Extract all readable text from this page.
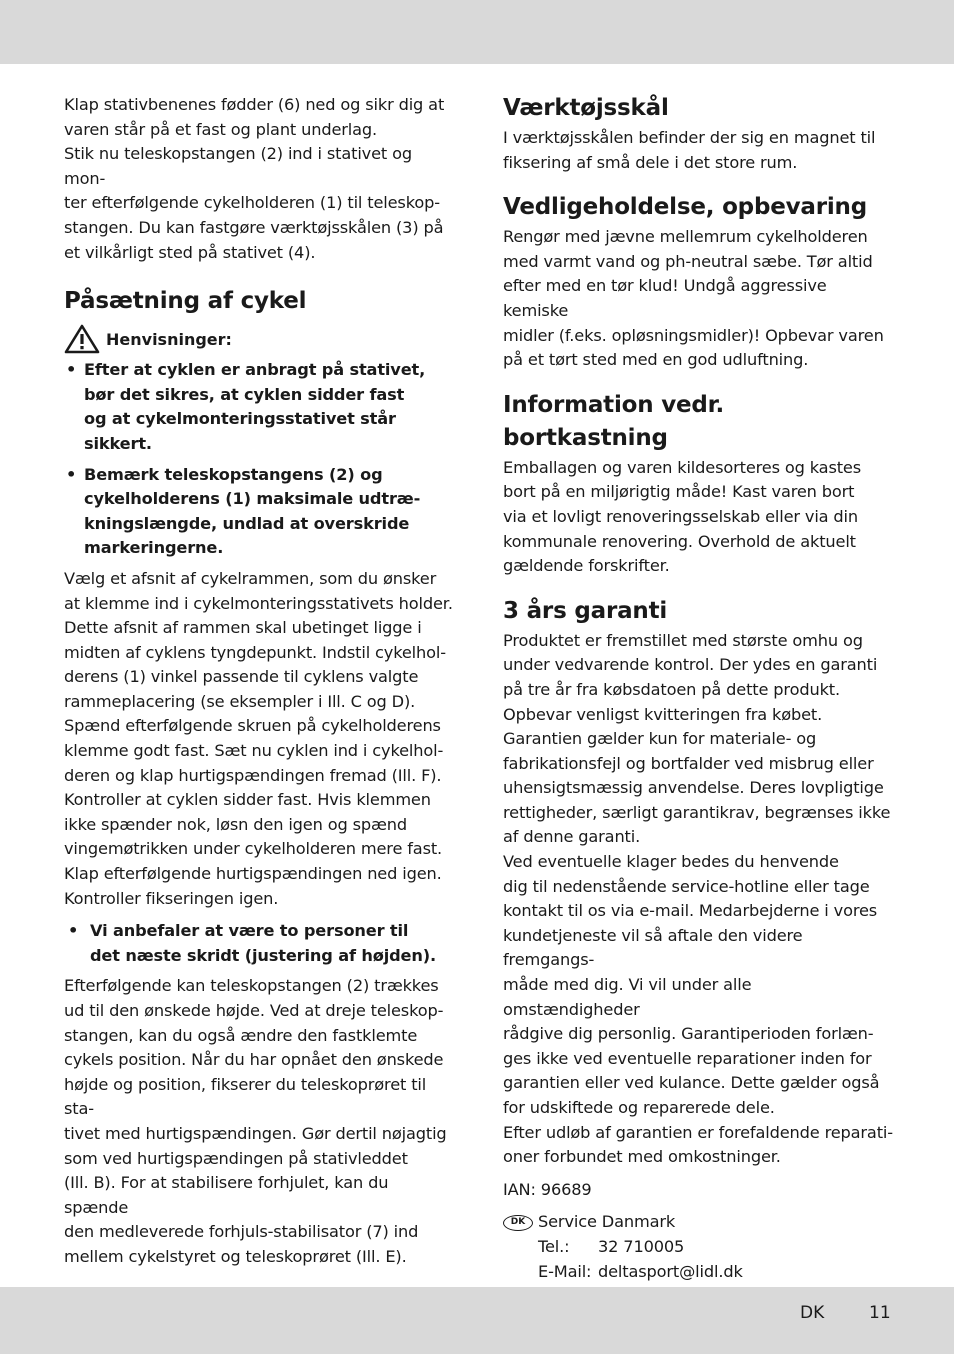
Klap stativbenenes fødder (6) ned og sikr dig at
varen står på et fast og plant underlag.
Stik nu teleskopstangen (2) ind i stativet og mon-
ter efterfølgende cykelholderen (1) til teleskop-
stangen. Du kan fastgøre værktøjsskålen (3) på
et vilkårligt sted på stativet (4).

Påsætning af cykel
Henvisninger:
• Efter at cyklen er anbragt på stativet,
bør det sikres, at cyklen sidder fast
og at cykelmonteringsstativet står
sikkert.
• Bemærk teleskopstangens (2) og
cykelholderens (1) maksimale udtræ-
kningslængde, undlad at overskride
markeringerne.

Vælg et afsnit af cykelrammen, som du ønsker
at klemme ind i cykelmonteringsstativets holder.
Dette afsnit af rammen skal ubetinget ligge i
midten af cyklens tyngdepunkt. Indstil cykelhol-
derens (1) vinkel passende til cyklens valgte
rammeplacering (se eksempler i Ill. C og D).
Spænd efterfølgende skruen på cykelholderens
klemme godt fast. Sæt nu cyklen ind i cykelhol-
deren og klap hurtigspændingen fremad (Ill. F).
Kontroller at cyklen sidder fast. Hvis klemmen
ikke spænder nok, løsn den igen og spænd
vingemøtrikken under cykelholderen mere fast.
Klap efterfølgende hurtigspændingen ned igen.
Kontroller fikseringen igen.

• Vi anbefaler at være to personer til
det næste skridt (justering af højden).

Efterfølgende kan teleskopstangen (2) trækkes
ud til den ønskede højde. Ved at dreje teleskop-
stangen, kan du også ændre den fastklemte
cykels position. Når du har opnået den ønskede
højde og position, fikserer du teleskoprøret til sta-
tivet med hurtigspændingen. Gør dertil nøjagtig
som ved hurtigspændingen på stativleddet
(Ill. B). For at stabilisere forhjulet, kan du spænde
den medleverede forhjuls-stabilisator (7) ind
mellem cykelstyret og teleskoprøret (Ill. E).

Værktøjsskål

I værktøjsskålen befinder der sig en magnet til
fiksering af små dele i det store rum.

Vedligeholdelse, opbevaring

Rengør med jævne mellemrum cykelholderen
med varmt vand og ph-neutral sæbe. Tør altid
efter med en tør klud! Undgå aggressive kemiske
midler (f.eks. opløsningsmidler)! Opbevar varen
på et tørt sted med en god udluftning.

Information vedr.
bortkastning

Emballagen og varen kildesorteres og kastes
bort på en miljørigtig måde! Kast varen bort
via et lovligt renoveringsselskab eller via din
kommunale renovering. Overhold de aktuelt
gældende forskrifter.

3 års garanti

Produktet er fremstillet med største omhu og
under vedvarende kontrol. Der ydes en garanti
på tre år fra købsdatoen på dette produkt.
Opbevar venligst kvitteringen fra købet.
Garantien gælder kun for materiale- og
fabrikationsfejl og bortfalder ved misbrug eller
uhensigtsmæssig anvendelse. Deres lovpligtige
rettigheder, særligt garantikrav, begrænses ikke
af denne garanti.
Ved eventuelle klager bedes du henvende
dig til nedenstående service-hotline eller tage
kontakt til os via e-mail. Medarbejderne i vores
kundetjeneste vil så aftale den videre fremgangs-
måde med dig. Vi vil under alle omstændigheder
rådgive dig personlig. Garantiperioden forlæn-
ges ikke ved eventuelle reparationer inden for
garantien eller ved kulance. Dette gælder også
for udskiftede og reparerede dele.
Efter udløb af garantien er forefaldende reparati-
oner forbundet med omkostninger.

IAN: 96689

DK Service Danmark

Tel.: 32 710005

E-Mail: deltasport@lidl.dk

DK	11
